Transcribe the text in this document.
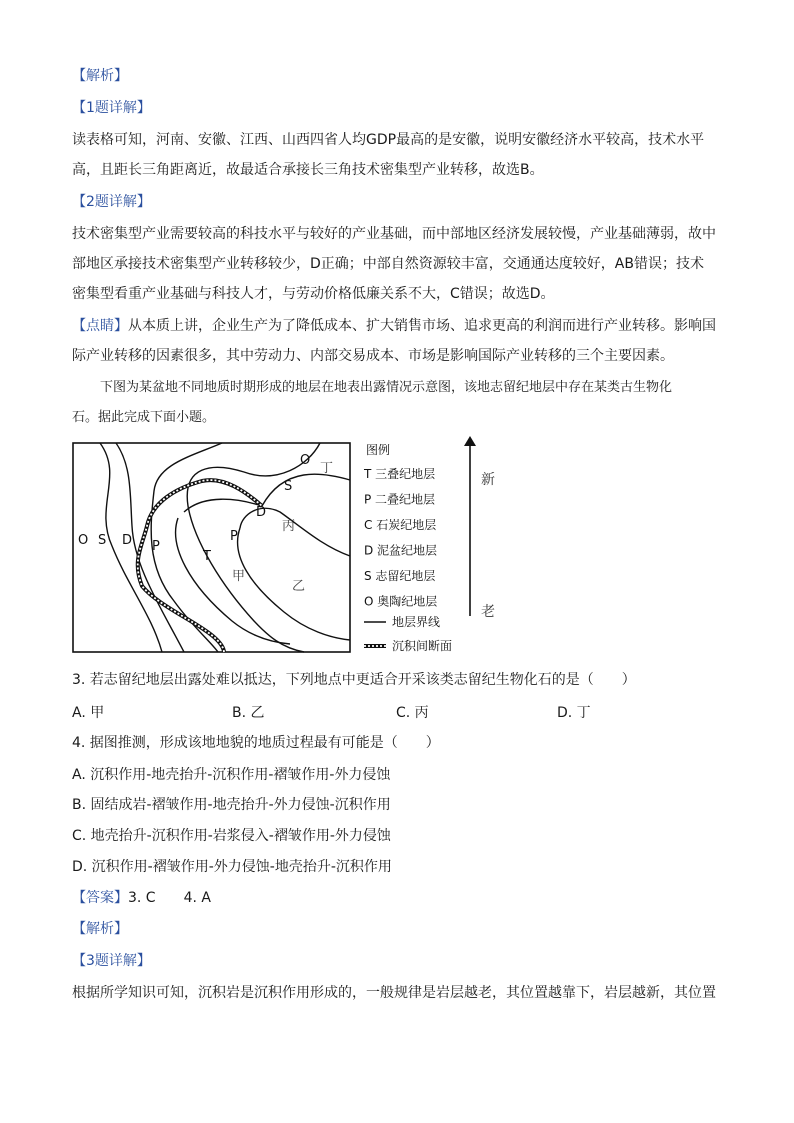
【解析】
【1题详解】
读表格可知，河南、安徽、江西、山西四省人均GDP最高的是安徽，说明安徽经济水平较高，技术水平
高，且距长三角距离近，故最适合承接长三角技术密集型产业转移，故选B。
【2题详解】
技术密集型产业需要较高的科技水平与较好的产业基础，而中部地区经济发展较慢，产业基础薄弱，故中
部地区承接技术密集型产业转移较少，D正确；中部自然资源较丰富，交通通达度较好，AB错误；技术
密集型看重产业基础与科技人才，与劳动价格低廉关系不大，C错误；故选D。
【点睛】从本质上讲，企业生产为了降低成本、扩大销售市场、追求更高的利润而进行产业转移。影响国
际产业转移的因素很多，其中劳动力、内部交易成本、市场是影响国际产业转移的三个主要因素。
下图为某盆地不同地质时期形成的地层在地表出露情况示意图，该地志留纪地层中存在某类古生物化
石。据此完成下面小题。
O S D P
T
P
D
S
O
甲
乙
丙
丁
图例
T 三叠纪地层
P 二叠纪地层
C 石炭纪地层
D 泥盆纪地层
S 志留纪地层
O 奥陶纪地层
地层界线
沉积间断面
新
老
3. 若志留纪地层出露处难以抵达，下列地点中更适合开采该类志留纪生物化石的是（　　）
A. 甲	B. 乙	C. 丙	D. 丁
4. 据图推测，形成该地地貌的地质过程最有可能是（　　）
A. 沉积作用-地壳抬升-沉积作用-褶皱作用-外力侵蚀
B. 固结成岩-褶皱作用-地壳抬升-外力侵蚀-沉积作用
C. 地壳抬升-沉积作用-岩浆侵入-褶皱作用-外力侵蚀
D. 沉积作用-褶皱作用-外力侵蚀-地壳抬升-沉积作用
【答案】3. C　　4. A
【解析】
【3题详解】
根据所学知识可知，沉积岩是沉积作用形成的，一般规律是岩层越老，其位置越靠下，岩层越新，其位置
